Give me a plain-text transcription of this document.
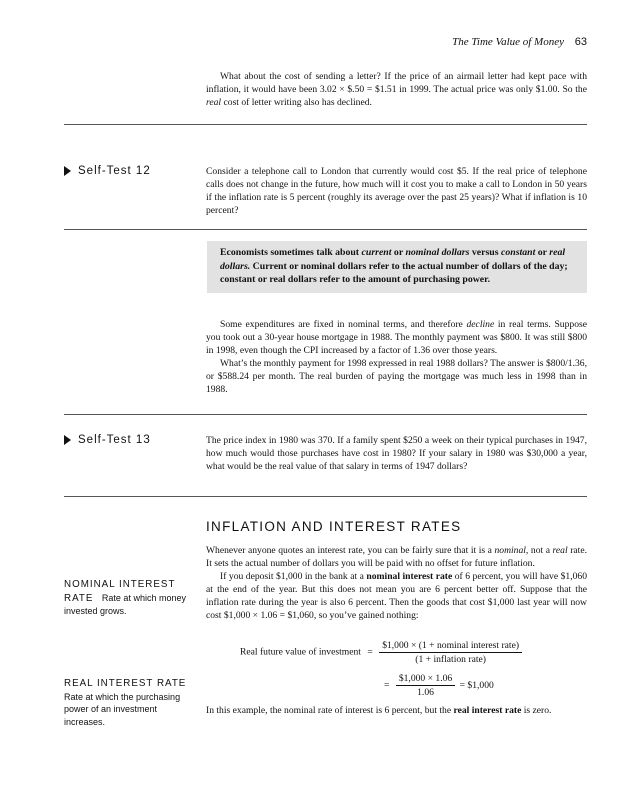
The Time Value of Money 63

What about the cost of sending a letter? If the price of an airmail letter had kept pace with inflation, it would have been 3.02 × $.50 = $1.51 in 1999. The actual price was only $1.00. So the real cost of letter writing also has declined.

Self-Test 12	Consider a telephone call to London that currently would cost $5. If the real price of telephone calls does not change in the future, how much will it cost you to make a call to London in 50 years if the inflation rate is 5 percent (roughly its average over the past 25 years)? What if inflation is 10 percent?

Economists sometimes talk about current or nominal dollars versus constant or real dollars. Current or nominal dollars refer to the actual number of dollars of the day; constant or real dollars refer to the amount of purchasing power.

Some expenditures are fixed in nominal terms, and therefore decline in real terms. Suppose you took out a 30-year house mortgage in 1988. The monthly payment was $800. It was still $800 in 1998, even though the CPI increased by a factor of 1.36 over those years.

What’s the monthly payment for 1998 expressed in real 1988 dollars? The answer is $800/1.36, or $588.24 per month. The real burden of paying the mortgage was much less in 1998 than in 1988.

Self-Test 13	The price index in 1980 was 370. If a family spent $250 a week on their typical purchases in 1947, how much would those purchases have cost in 1980? If your salary in 1980 was $30,000 a year, what would be the real value of that salary in terms of 1947 dollars?

INFLATION AND INTEREST RATES

Whenever anyone quotes an interest rate, you can be fairly sure that it is a nominal, not a real rate. It sets the actual number of dollars you will be paid with no offset for future inflation.

If you deposit $1,000 in the bank at a nominal interest rate of 6 percent, you will have $1,060 at the end of the year. But this does not mean you are 6 percent better off. Suppose that the inflation rate during the year is also 6 percent. Then the goods that cost $1,000 last year will now cost $1,000 × 1.06 = $1,060, so you’ve gained nothing:

Real future value of investment = $\frac{\text{\$1,000 × (1 + nominal interest rate)}}{\text{(1 + inflation rate)}}$
= $\frac{\$1,000 \times 1.06}{1.06}$ = $1,000

In this example, the nominal rate of interest is 6 percent, but the real interest rate is zero.

NOMINAL INTEREST RATE Rate at which money invested grows.
REAL INTEREST RATE
Rate at which the purchasing power of an investment increases.
